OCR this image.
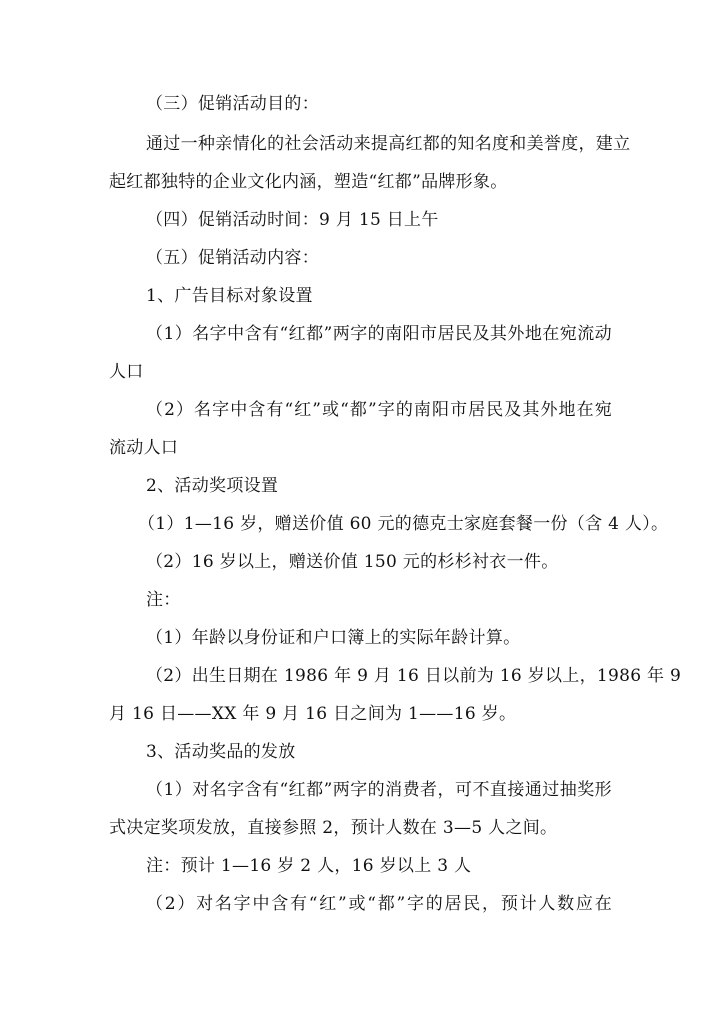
（三）促销活动目的：
通过一种亲情化的社会活动来提高红都的知名度和美誉度，建立
起红都独特的企业文化内涵，塑造“红都”品牌形象。
（四）促销活动时间：9 月 15 日上午
（五）促销活动内容：
1、广告目标对象设置
（1）名字中含有“红都”两字的南阳市居民及其外地在宛流动
人口
（2）名字中含有“红”或“都”字的南阳市居民及其外地在宛
流动人口
2、活动奖项设置
（1）1—16 岁，赠送价值 60 元的德克士家庭套餐一份（含 4 人）。
（2）16 岁以上，赠送价值 150 元的杉杉衬衣一件。
注：
（1）年龄以身份证和户口簿上的实际年龄计算。
（2）出生日期在 1986 年 9 月 16 日以前为 16 岁以上，1986 年 9
月 16 日——XX 年 9 月 16 日之间为 1——16 岁。
3、活动奖品的发放
（1）对名字含有“红都”两字的消费者，可不直接通过抽奖形
式决定奖项发放，直接参照 2，预计人数在 3—5 人之间。
注：预计 1—16 岁 2 人，16 岁以上 3 人
（2）对名字中含有“红”或“都”字的居民，预计人数应在
